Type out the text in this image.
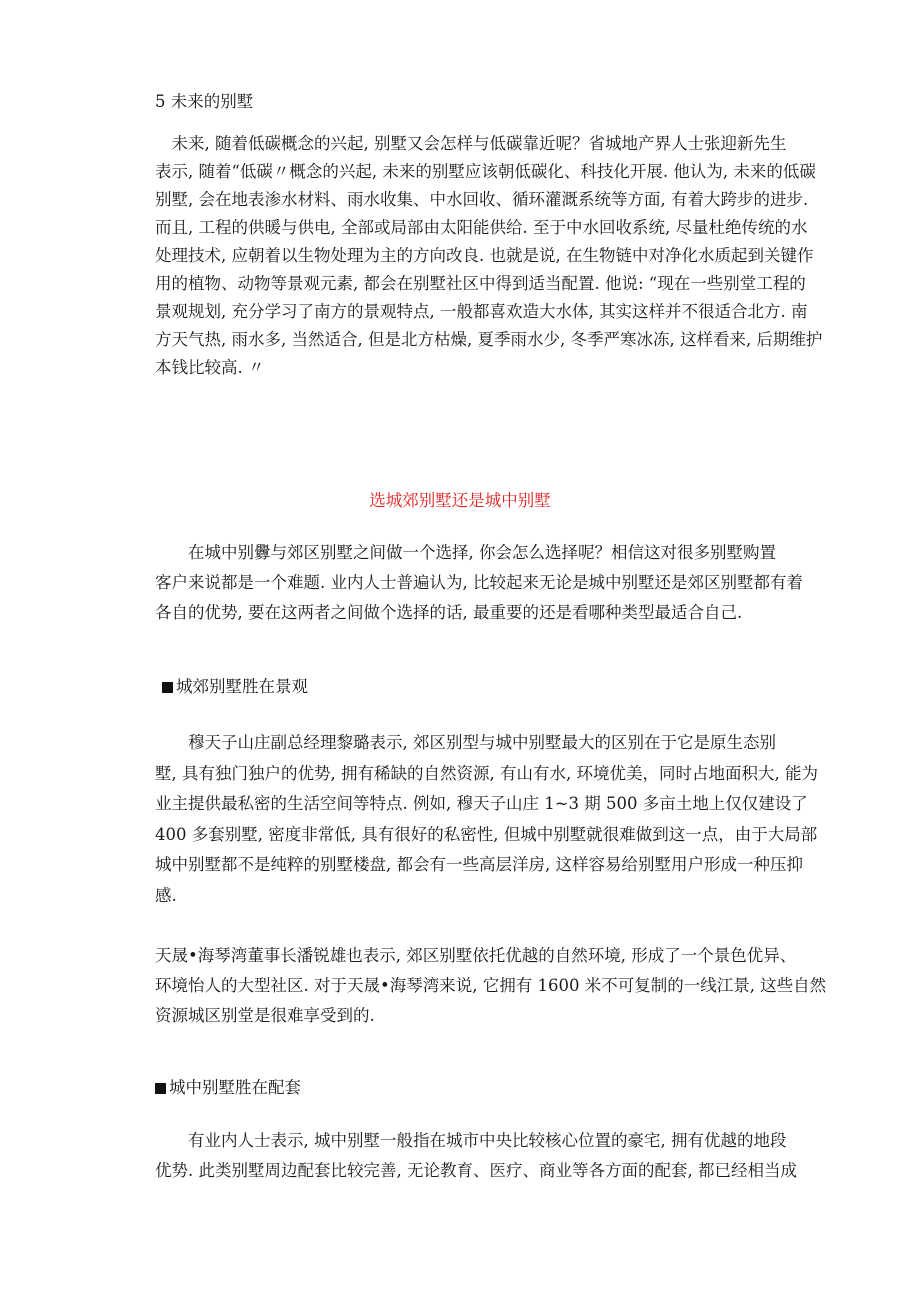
5 未来的别墅
　未来, 随着低碳概念的兴起, 别墅又会怎样与低碳靠近呢？省城地产界人士张迎新先生
表示, 随着“低碳〃概念的兴起, 未来的别墅应该朝低碳化、科技化开展. 他认为, 未来的低碳
别墅, 会在地表渗水材料、雨水收集、中水回收、循环灌溉系统等方面, 有着大跨步的进步.
而且, 工程的供暖与供电, 全部或局部由太阳能供给. 至于中水回收系统, 尽量杜绝传统的水
处理技术, 应朝着以生物处理为主的方向改良. 也就是说, 在生物链中对净化水质起到关键作
用的植物、动物等景观元素, 都会在别墅社区中得到适当配置. 他说: “现在一些别堂工程的
景观规划, 充分学习了南方的景观特点, 一般都喜欢造大水体, 其实这样并不很适合北方. 南
方天气热, 雨水多, 当然适合, 但是北方枯燥, 夏季雨水少, 冬季严寒冰冻, 这样看来, 后期维护
本钱比较高. 〃
选城郊别墅还是城中别墅
　　在城中别釁与郊区别墅之间做一个选择, 你会怎么选择呢？相信这对很多别墅购置
客户来说都是一个难题. 业内人士普遍认为, 比较起来无论是城中别墅还是郊区别墅都有着
各自的优势, 要在这两者之间做个选择的话, 最重要的还是看哪种类型最适合自己.
城郊别墅胜在景观
　　穆天子山庄副总经理黎璐表示, 郊区别型与城中别墅最大的区别在于它是原生态别
墅, 具有独门独户的优势, 拥有稀缺的自然资源, 有山有水, 环境优美，同时占地面积大, 能为
业主提供最私密的生活空间等特点. 例如, 穆天子山庄 1~3 期 500 多亩土地上仅仅建设了
400 多套别墅, 密度非常低, 具有很好的私密性, 但城中别墅就很难做到这一点，由于大局部
城中别墅都不是纯粹的别墅楼盘, 都会有一些高层洋房, 这样容易给别墅用户形成一种压抑
感.
天晟•海琴湾董事长潘锐雄也表示, 郊区别墅依托优越的自然环境, 形成了一个景色优异、
环境怡人的大型社区. 对于天晟•海琴湾来说, 它拥有 1600 米不可复制的一线江景, 这些自然
资源城区别堂是很难享受到的.
城中别墅胜在配套
　　有业内人士表示, 城中别墅一般指在城市中央比较核心位置的豪宅, 拥有优越的地段
优势. 此类别墅周边配套比较完善, 无论教育、医疗、商业等各方面的配套, 都已经相当成
